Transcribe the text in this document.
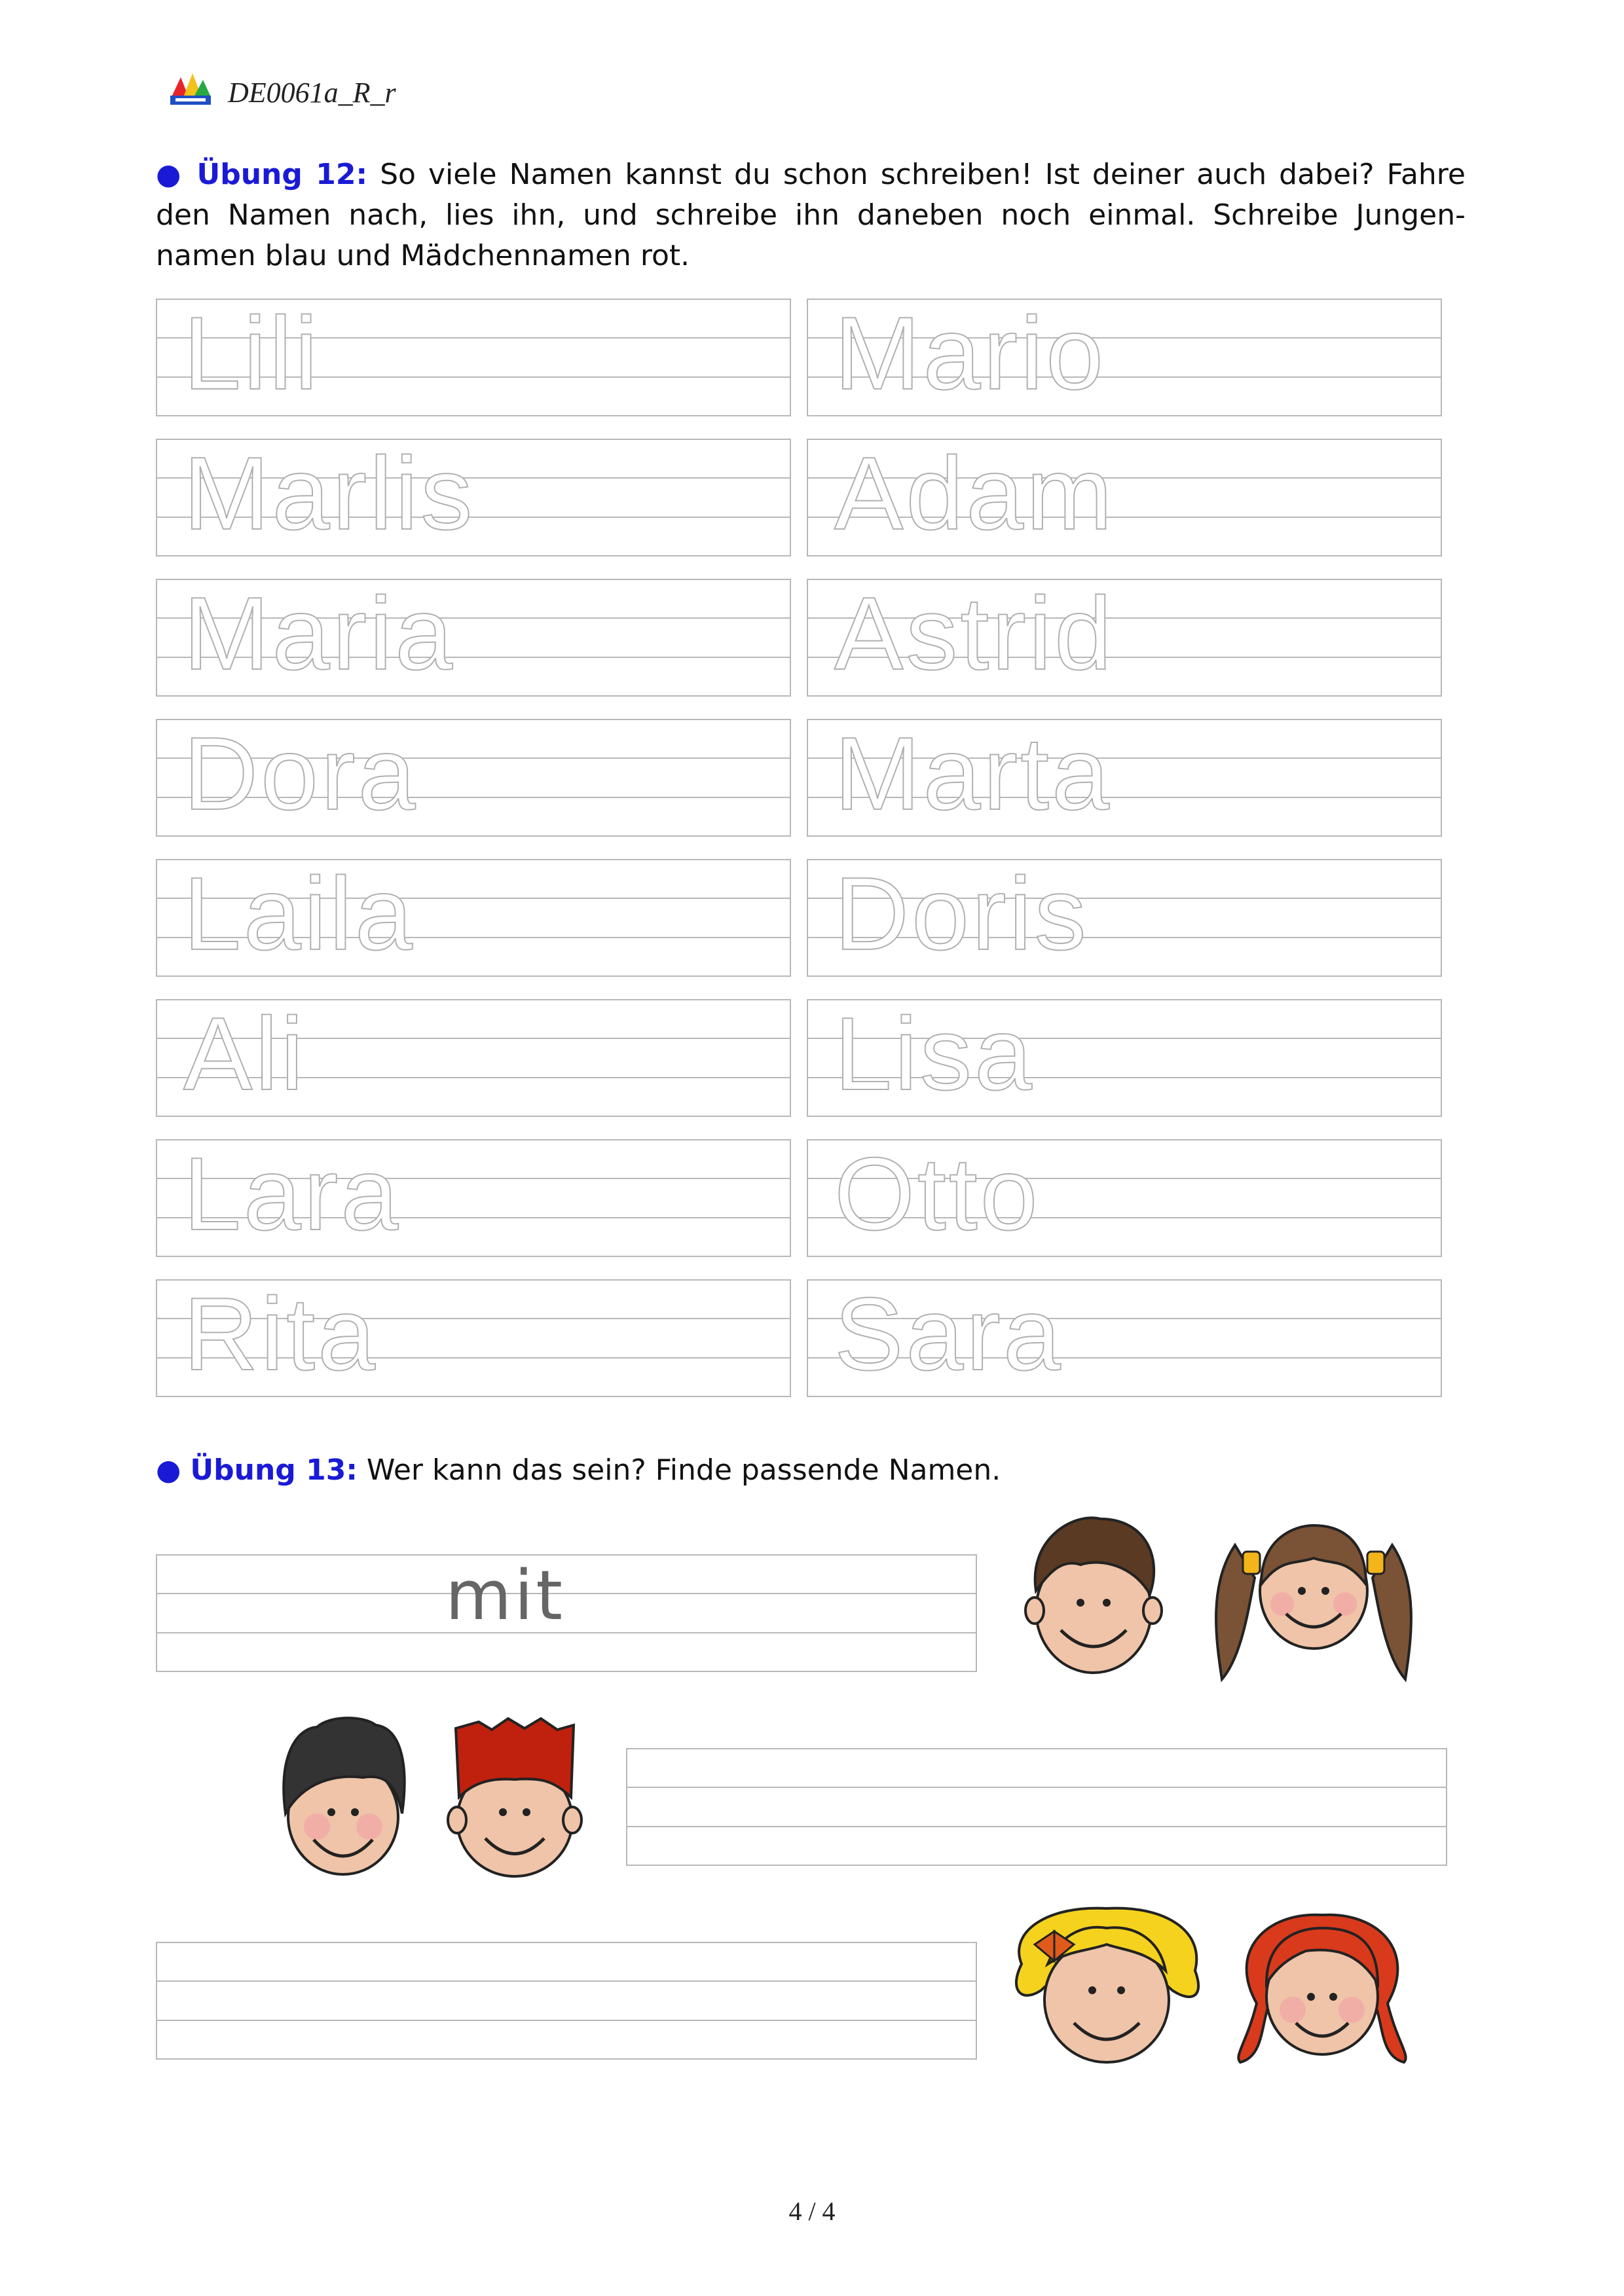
DE0061a_R_r
● Übung 12: So viele Namen kannst du schon schreiben! Ist deiner auch dabei? Fahre
den Namen nach, lies ihn, und schreibe ihn daneben noch einmal. Schreibe Jungen-
namen blau und Mädchennamen rot.
Lili
Marlis
Maria
Dora
Laila
Ali
Lara
Rita
Mario
Adam
Astrid
Marta
Doris
Lisa
Otto
Sara
● Übung 13: Wer kann das sein? Finde passende Namen.
mit
4 / 4
